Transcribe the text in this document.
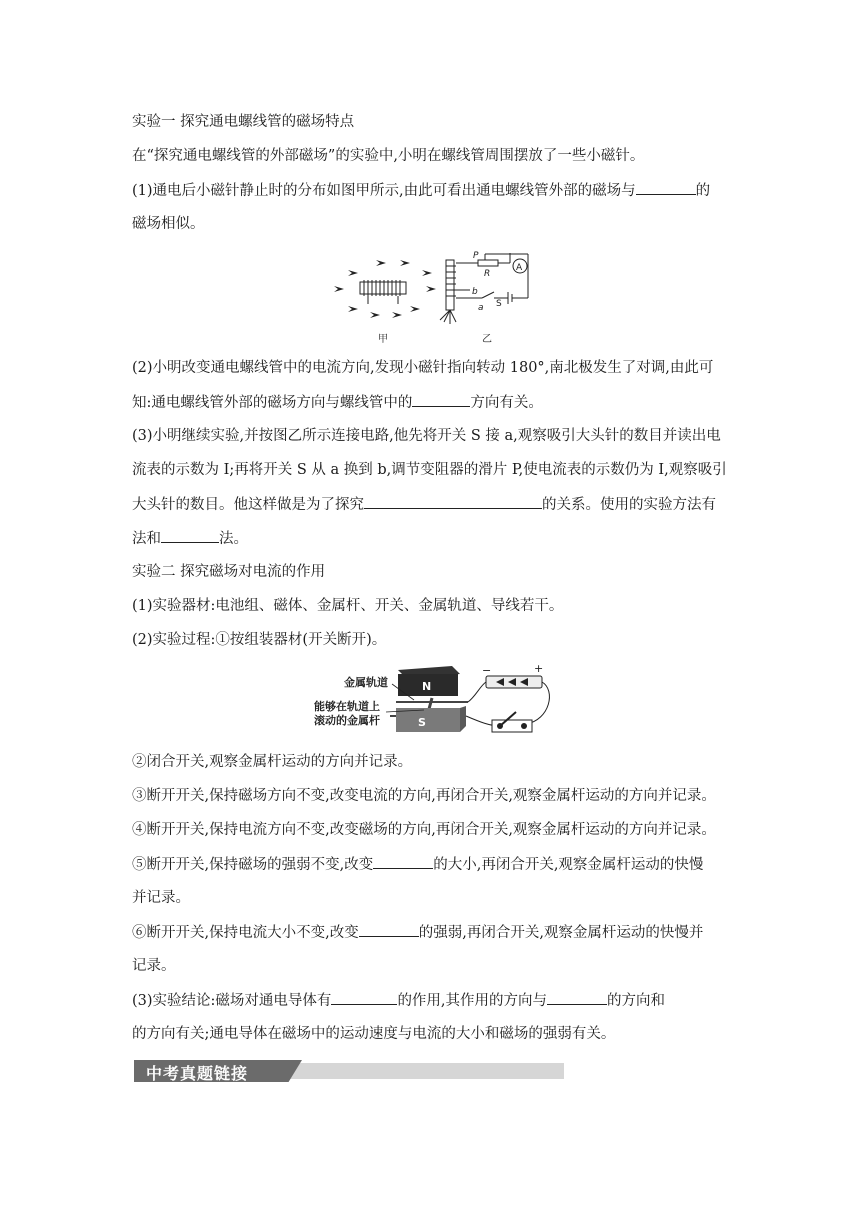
实验一 探究通电螺线管的磁场特点
在“探究通电螺线管的外部磁场”的实验中,小明在螺线管周围摆放了一些小磁针。
(1)通电后小磁针静止时的分布如图甲所示,由此可看出通电螺线管外部的磁场与	的
磁场相似。
甲
P
R
A
b
a S
乙
(2)小明改变通电螺线管中的电流方向,发现小磁针指向转动 180°,南北极发生了对调,由此可
知:通电螺线管外部的磁场方向与螺线管中的	方向有关。
(3)小明继续实验,并按图乙所示连接电路,他先将开关 S 接 a,观察吸引大头针的数目并读出电
流表的示数为 I;再将开关 S 从 a 换到 b,调节变阻器的滑片 P,使电流表的示数仍为 I,观察吸引
大头针的数目。他这样做是为了探究	的关系。使用的实验方法有
法和	法。
实验二 探究磁场对电流的作用
(1)实验器材:电池组、磁体、金属杆、开关、金属轨道、导线若干。
(2)实验过程:①按组装器材(开关断开)。
N
S
金属轨道
能够在轨道上
滚动的金属杆
−	+
②闭合开关,观察金属杆运动的方向并记录。
③断开开关,保持磁场方向不变,改变电流的方向,再闭合开关,观察金属杆运动的方向并记录。
④断开开关,保持电流方向不变,改变磁场的方向,再闭合开关,观察金属杆运动的方向并记录。
⑤断开开关,保持磁场的强弱不变,改变	的大小,再闭合开关,观察金属杆运动的快慢
并记录。
⑥断开开关,保持电流大小不变,改变	的强弱,再闭合开关,观察金属杆运动的快慢并
记录。
(3)实验结论:磁场对通电导体有	的作用,其作用的方向与	的方向和
的方向有关;通电导体在磁场中的运动速度与电流的大小和磁场的强弱有关。
中考真题链接
